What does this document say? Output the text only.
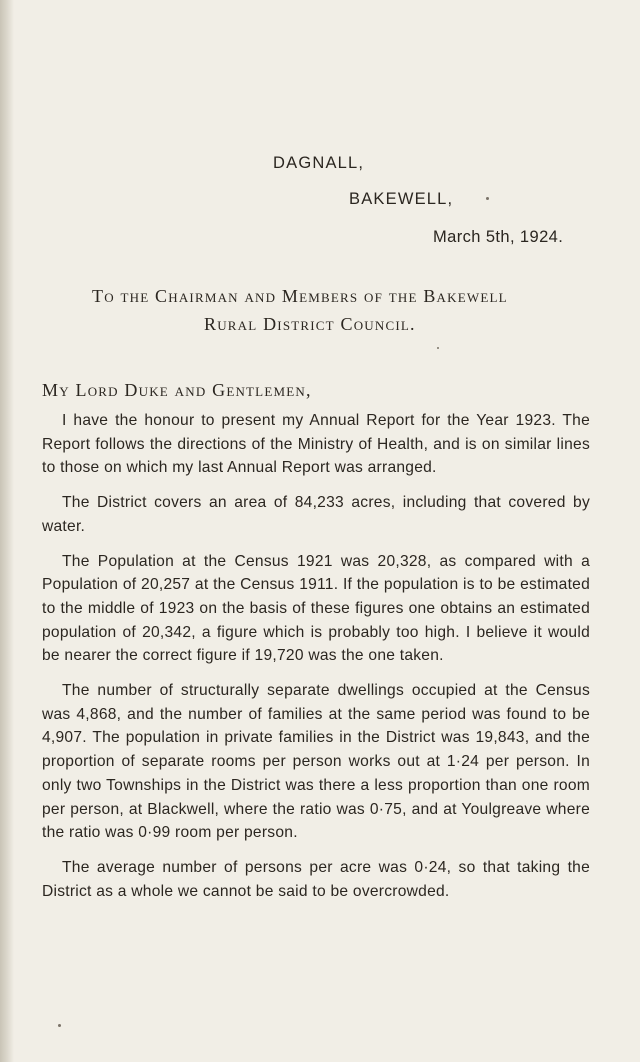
DAGNALL,
BAKEWELL,
March 5th, 1924.
To the Chairman and Members of the Bakewell
Rural District Council.
My Lord Duke and Gentlemen,

I have the honour to present my Annual Report for the Year 1923. The Report follows the directions of the Ministry of Health, and is on similar lines to those on which my last Annual Report was arranged.

The District covers an area of 84,233 acres, including that covered by water.

The Population at the Census 1921 was 20,328, as compared with a Population of 20,257 at the Census 1911. If the population is to be estimated to the middle of 1923 on the basis of these figures one obtains an estimated population of 20,342, a figure which is probably too high. I believe it would be nearer the correct figure if 19,720 was the one taken.

The number of structurally separate dwellings occupied at the Census was 4,868, and the number of families at the same period was found to be 4,907. The population in private families in the District was 19,843, and the proportion of separate rooms per person works out at 1·24 per person. In only two Townships in the District was there a less proportion than one room per person, at Blackwell, where the ratio was 0·75, and at Youlgreave where the ratio was 0·99 room per person.

The average number of persons per acre was 0·24, so that taking the District as a whole we cannot be said to be overcrowded.
